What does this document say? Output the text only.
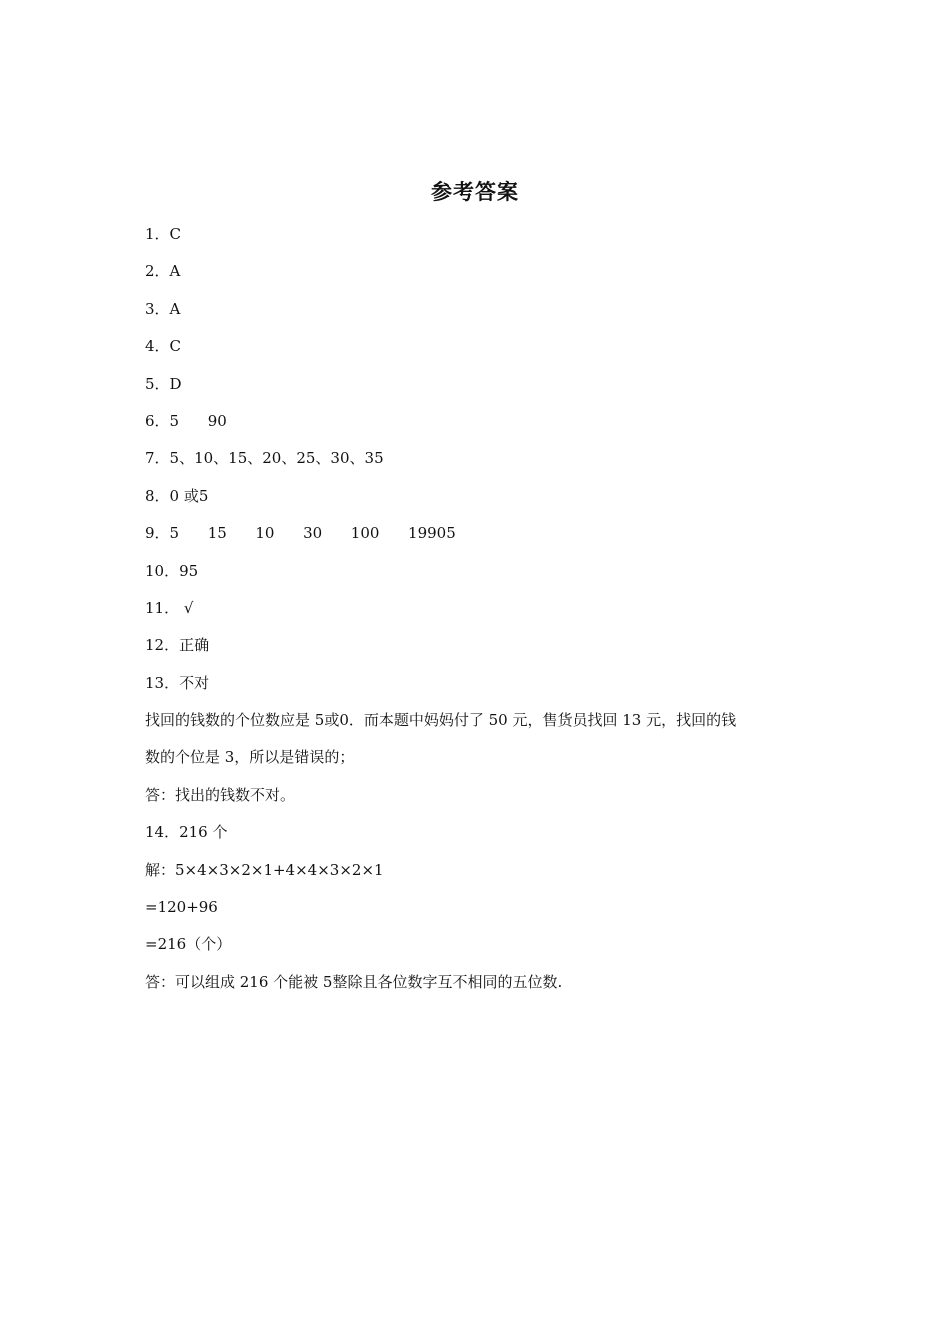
参考答案
1．C
2．A
3．A
4．C
5．D
6．5      90
7．5、10、15、20、25、30、35
8．0 或5
9．5      15      10      30      100      19905
10．95
11． √
12．正确
13．不对
找回的钱数的个位数应是 5或0．而本题中妈妈付了 50 元，售货员找回 13 元，找回的钱
数的个位是 3，所以是错误的；
答：找出的钱数不对。
14．216 个
解：5×4×3×2×1+4×4×3×2×1
=120+96
=216（个）
答：可以组成 216 个能被 5整除且各位数字互不相同的五位数.
